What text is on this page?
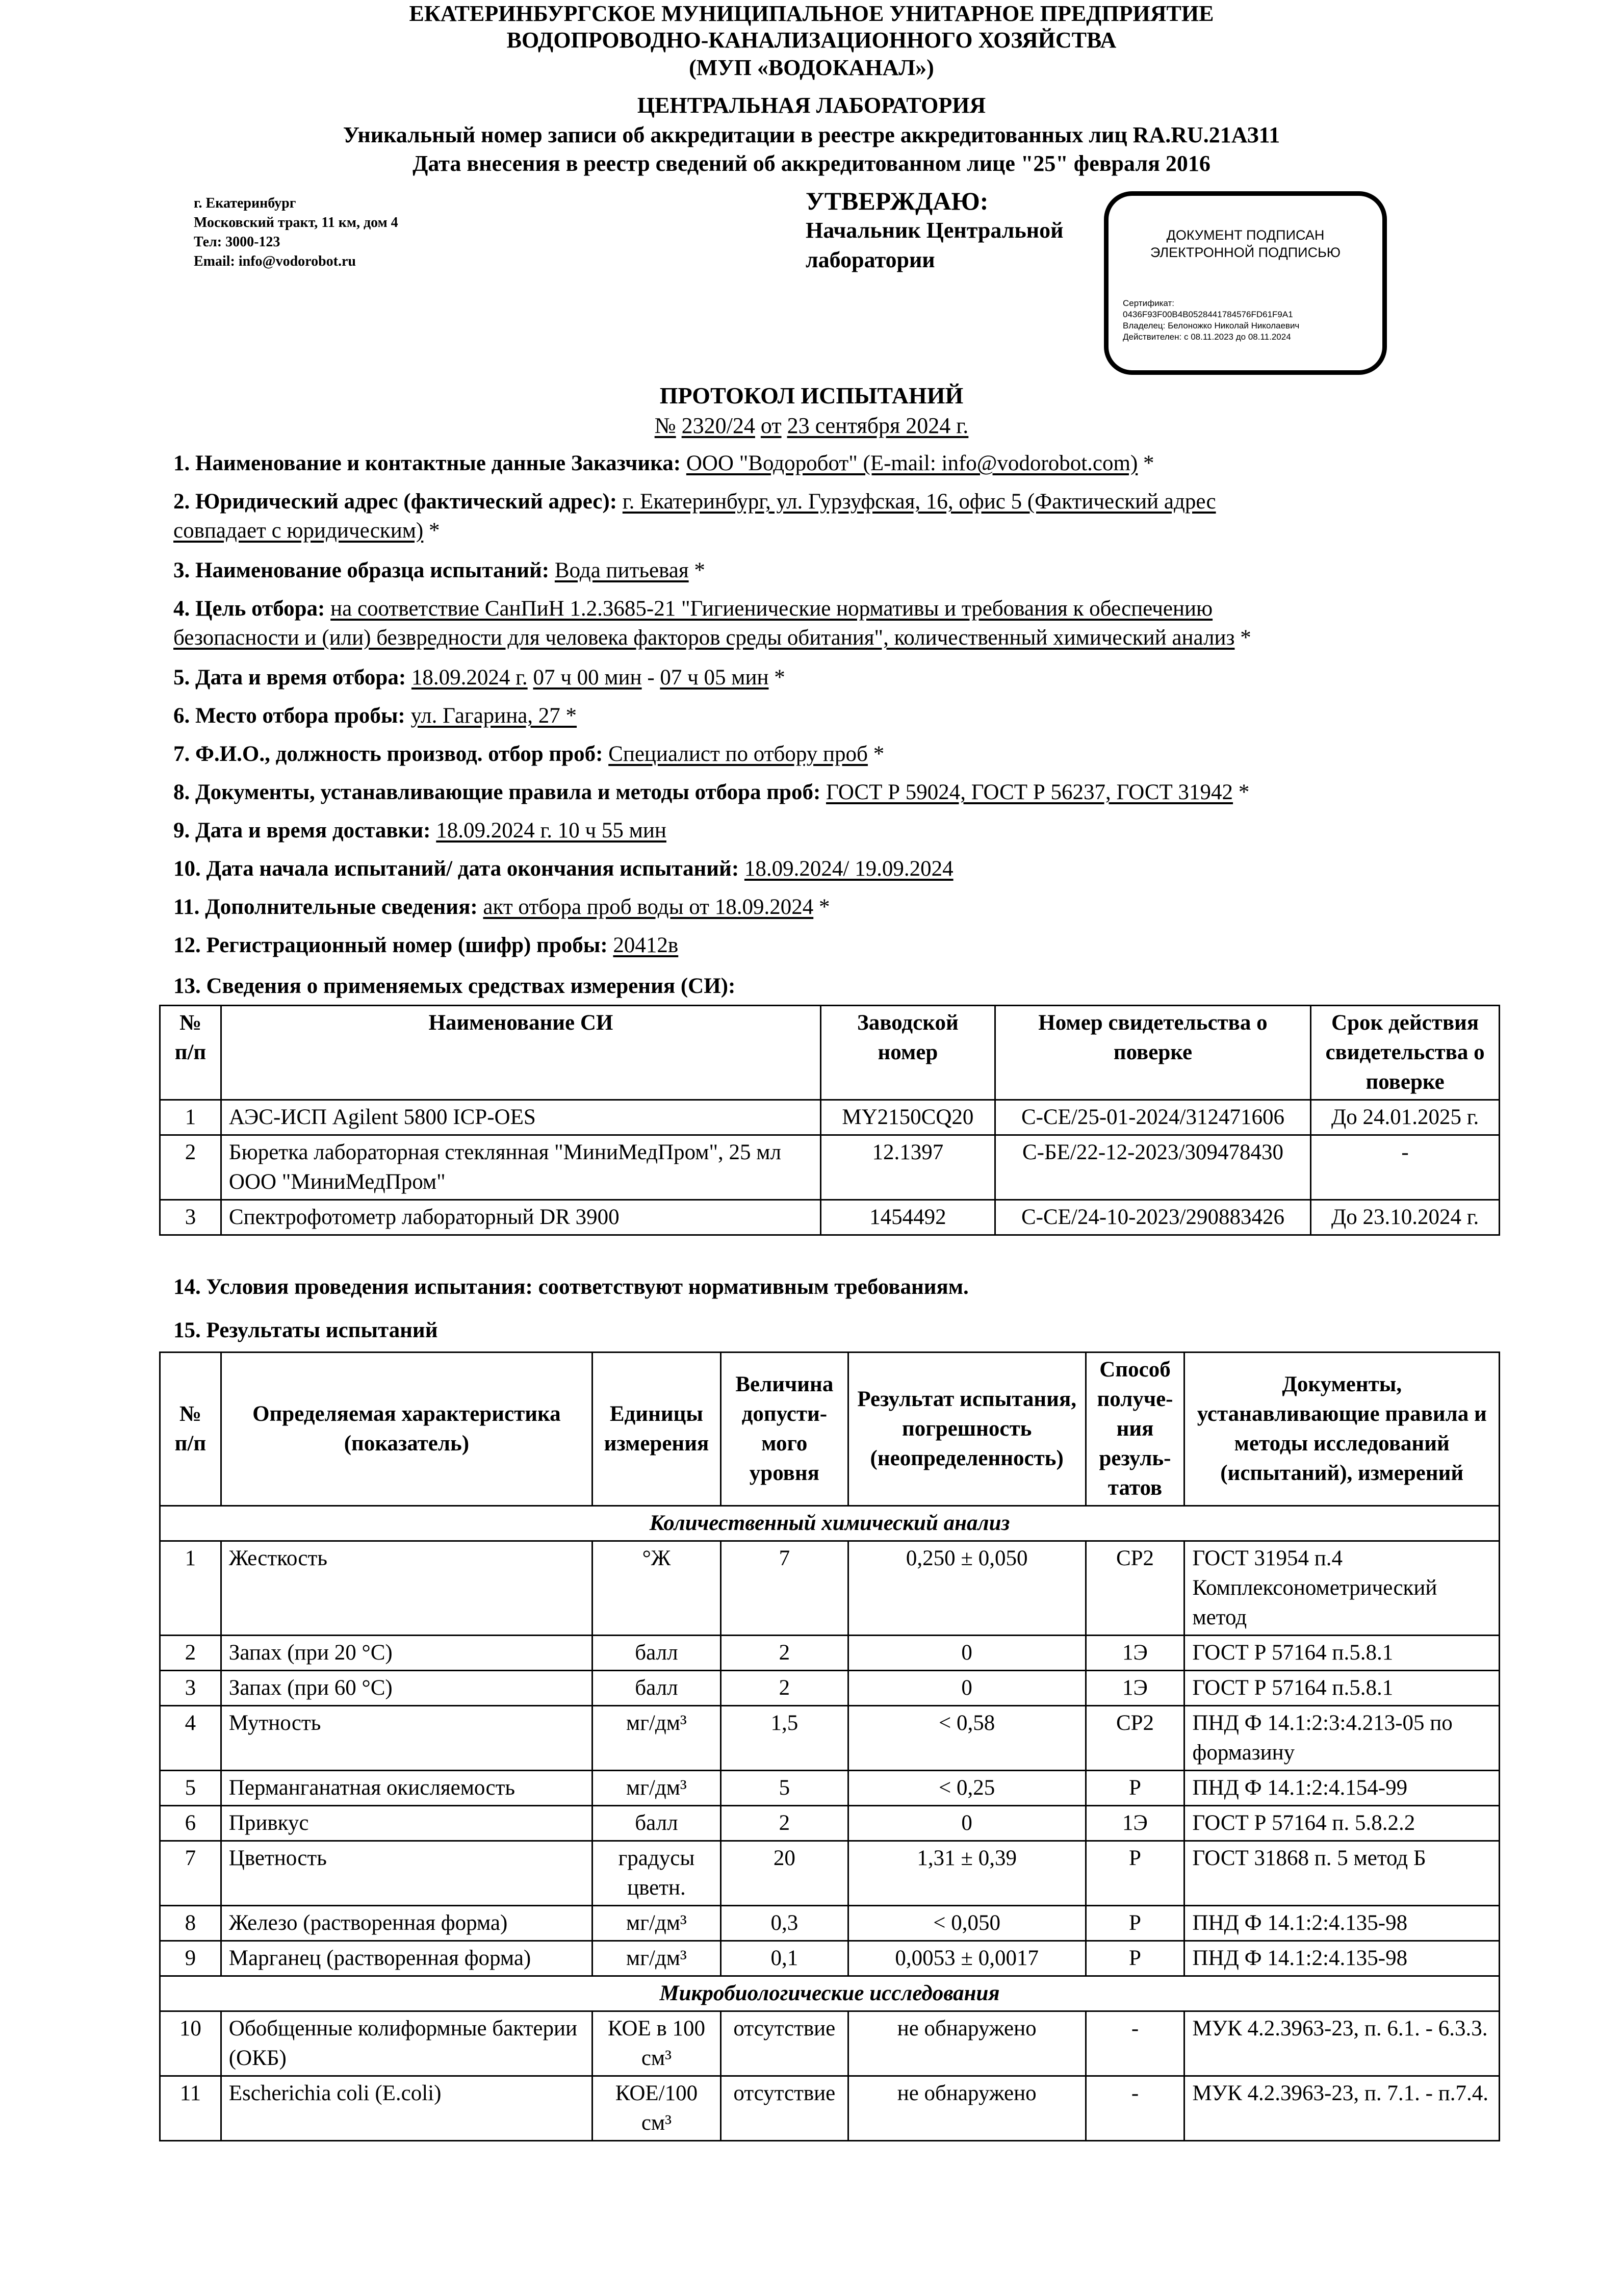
ЕКАТЕРИНБУРГСКОЕ МУНИЦИПАЛЬНОЕ УНИТАРНОЕ ПРЕДПРИЯТИЕ
ВОДОПРОВОДНО-КАНАЛИЗАЦИОННОГО ХОЗЯЙСТВА
(МУП «ВОДОКАНАЛ»)
ЦЕНТРАЛЬНАЯ ЛАБОРАТОРИЯ
Уникальный номер записи об аккредитации в реестре аккредитованных лиц RA.RU.21АЗ11
Дата внесения в реестр сведений об аккредитованном лице "25" февраля 2016
г. Екатеринбург
Московский тракт, 11 км, дом 4
Тел: 3000-123
Email: info@vodorobot.ru
УТВЕРЖДАЮ:
Начальник Центральной
лаборатории
ДОКУМЕНТ ПОДПИСАН
ЭЛЕКТРОННОЙ ПОДПИСЬЮ
Сертификат:
0436F93F00B4B0528441784576FD61F9A1
Владелец: Белоножко Николай Николаевич
Действителен: с 08.11.2023 до 08.11.2024
ПРОТОКОЛ ИСПЫТАНИЙ
№ 2320/24 от 23 сентября 2024 г.
1. Наименование и контактные данные Заказчика: ООО "Водоробот" (E-mail: info@vodorobot.com) *
2. Юридический адрес (фактический адрес): г. Екатеринбург, ул. Гурзуфская, 16, офис 5 (Фактический адрес
совпадает с юридическим) *
3. Наименование образца испытаний: Вода питьевая *
4. Цель отбора: на соответствие СанПиН 1.2.3685-21 "Гигиенические нормативы и требования к обеспечению
безопасности и (или) безвредности для человека факторов среды обитания", количественный химический анализ *
5. Дата и время отбора: 18.09.2024 г. 07 ч 00 мин - 07 ч 05 мин *
6. Место отбора пробы: ул. Гагарина, 27 *
7. Ф.И.О., должность производ. отбор проб: Специалист по отбору проб *
8. Документы, устанавливающие правила и методы отбора проб: ГОСТ Р 59024, ГОСТ Р 56237, ГОСТ 31942 *
9. Дата и время доставки: 18.09.2024 г. 10 ч 55 мин
10. Дата начала испытаний/ дата окончания испытаний: 18.09.2024/ 19.09.2024
11. Дополнительные сведения: акт отбора проб воды от 18.09.2024 *
12. Регистрационный номер (шифр) пробы: 20412в
13. Сведения о применяемых средствах измерения (СИ):
№ п/п	Наименование СИ	Заводской номер	Номер свидетельства о поверке	Срок действия свидетельства о поверке
1	АЭС-ИСП Agilent 5800 ICP-OES	MY2150CQ20	С-СЕ/25-01-2024/312471606	До 24.01.2025 г.
2	Бюретка лабораторная стеклянная "МиниМедПром", 25 мл ООО "МиниМедПром"	12.1397	С-БЕ/22-12-2023/309478430	-
3	Спектрофотометр лабораторный DR 3900	1454492	С-СЕ/24-10-2023/290883426	До 23.10.2024 г.
14. Условия проведения испытания: соответствуют нормативным требованиям.
15. Результаты испытаний
№ п/п	Определяемая характеристика (показатель)	Единицы измерения	Величина допусти-мого уровня	Результат испытания, погрешность (неопределенность)	Способ получе-ния резуль-татов	Документы, устанавливающие правила и методы исследований (испытаний), измерений
Количественный химический анализ						
1	Жесткость	°Ж	7	0,250 ± 0,050	СР2	ГОСТ 31954 п.4 Комплексонометрический метод
2	Запах (при 20 °С)	балл	2	0	1Э	ГОСТ Р 57164 п.5.8.1
3	Запах (при 60 °С)	балл	2	0	1Э	ГОСТ Р 57164 п.5.8.1
4	Мутность	мг/дм³	1,5	< 0,58	СР2	ПНД Ф 14.1:2:3:4.213-05 по формазину
5	Перманганатная окисляемость	мг/дм³	5	< 0,25	Р	ПНД Ф 14.1:2:4.154-99
6	Привкус	балл	2	0	1Э	ГОСТ Р 57164 п. 5.8.2.2
7	Цветность	градусы цветн.	20	1,31 ± 0,39	Р	ГОСТ 31868 п. 5 метод Б
8	Железо (растворенная форма)	мг/дм³	0,3	< 0,050	Р	ПНД Ф 14.1:2:4.135-98
9	Марганец (растворенная форма)	мг/дм³	0,1	0,0053 ± 0,0017	Р	ПНД Ф 14.1:2:4.135-98
Микробиологические исследования						
10	Обобщенные колиформные бактерии (ОКБ)	КОЕ в 100 см³	отсутствие	не обнаружено	-	МУК 4.2.3963-23, п. 6.1. - 6.3.3.
11	Escherichia coli (E.coli)	КОЕ/100 см³	отсутствие	не обнаружено	-	МУК 4.2.3963-23, п. 7.1. - п.7.4.
